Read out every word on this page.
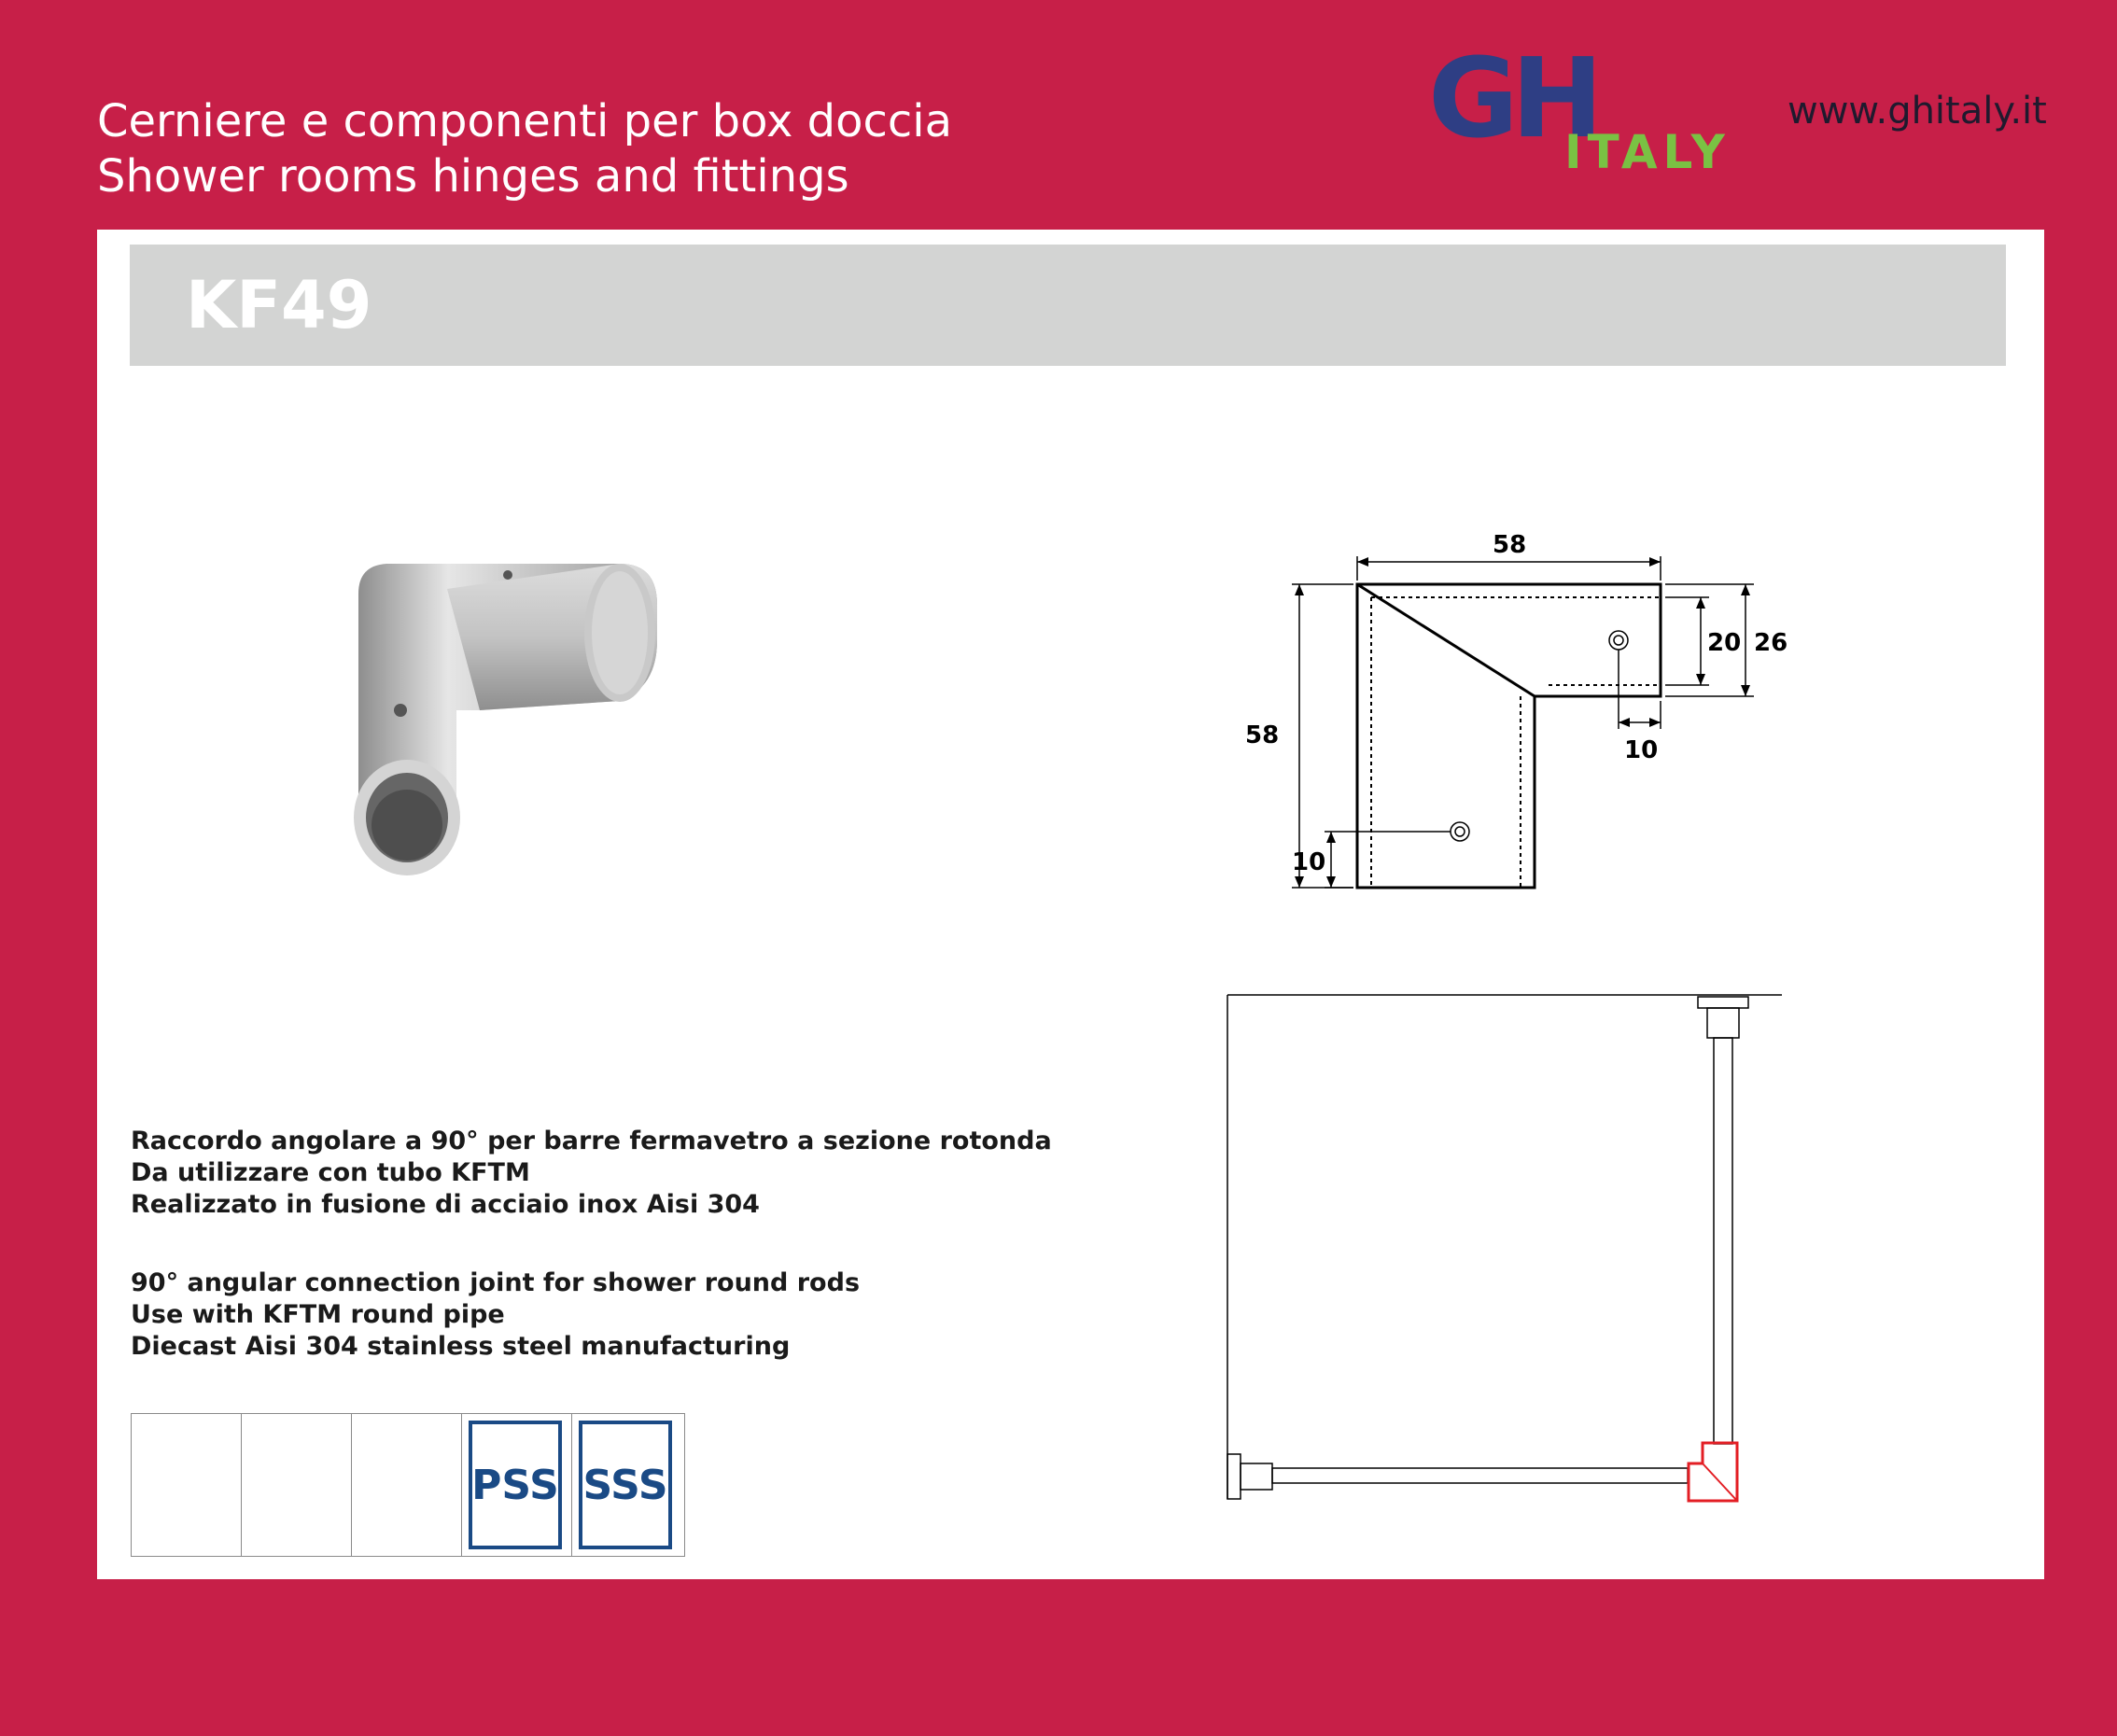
Cerniere e componenti per box doccia
Shower rooms hinges and fittings
GH
ITALY
www.ghitaly.it
KF49
58
58
20 26
10
10
Raccordo angolare a 90° per barre fermavetro a sezione rotonda
Da utilizzare con tubo KFTM
Realizzato in fusione di acciaio inox Aisi 304
90° angular connection joint for shower round rods
Use with KFTM round pipe
Diecast Aisi 304 stainless steel manufacturing
PSS SSS
